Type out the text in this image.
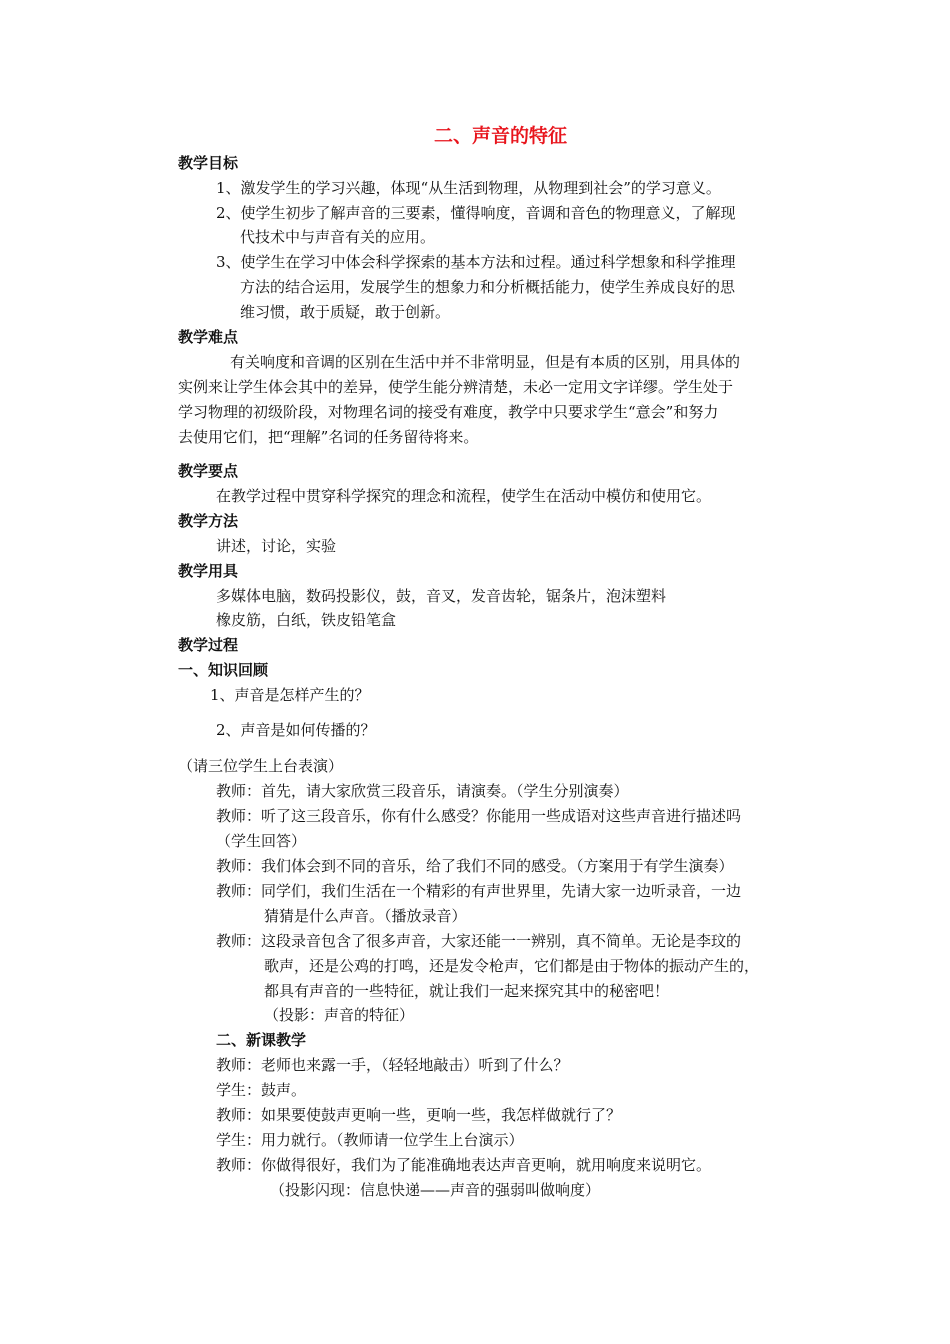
二、声音的特征
教学目标
1、激发学生的学习兴趣，体现“从生活到物理，从物理到社会”的学习意义。
2、使学生初步了解声音的三要素，懂得响度，音调和音色的物理意义，了解现
代技术中与声音有关的应用。
3、使学生在学习中体会科学探索的基本方法和过程。通过科学想象和科学推理
方法的结合运用，发展学生的想象力和分析概括能力，使学生养成良好的思
维习惯，敢于质疑，敢于创新。
教学难点
有关响度和音调的区别在生活中并不非常明显，但是有本质的区别，用具体的
实例来让学生体会其中的差异，使学生能分辨清楚，未必一定用文字详缪。学生处于
学习物理的初级阶段，对物理名词的接受有难度，教学中只要求学生“意会”和努力
去使用它们，把“理解”名词的任务留待将来。
教学要点
在教学过程中贯穿科学探究的理念和流程，使学生在活动中模仿和使用它。
教学方法
讲述，讨论，实验
教学用具
多媒体电脑，数码投影仪，鼓，音叉，发音齿轮，锯条片，泡沫塑料
橡皮筋，白纸，铁皮铅笔盒
教学过程
一、知识回顾
1、声音是怎样产生的？
2、声音是如何传播的？
（请三位学生上台表演）
教师：首先，请大家欣赏三段音乐，请演奏。（学生分别演奏）
教师：听了这三段音乐，你有什么感受？你能用一些成语对这些声音进行描述吗
（学生回答）
教师：我们体会到不同的音乐，给了我们不同的感受。（方案用于有学生演奏）
教师：同学们，我们生活在一个精彩的有声世界里，先请大家一边听录音，一边
猜猜是什么声音。（播放录音）
教师：这段录音包含了很多声音，大家还能一一辨别，真不简单。无论是李玟的
歌声，还是公鸡的打鸣，还是发令枪声，它们都是由于物体的振动产生的，
都具有声音的一些特征，就让我们一起来探究其中的秘密吧！
（投影：声音的特征）
二、新课教学
教师：老师也来露一手，（轻轻地敲击）听到了什么？
学生：鼓声。
教师：如果要使鼓声更响一些，更响一些，我怎样做就行了？
学生：用力就行。（教师请一位学生上台演示）
教师：你做得很好，我们为了能准确地表达声音更响，就用响度来说明它。
（投影闪现：信息快递——声音的强弱叫做响度）
